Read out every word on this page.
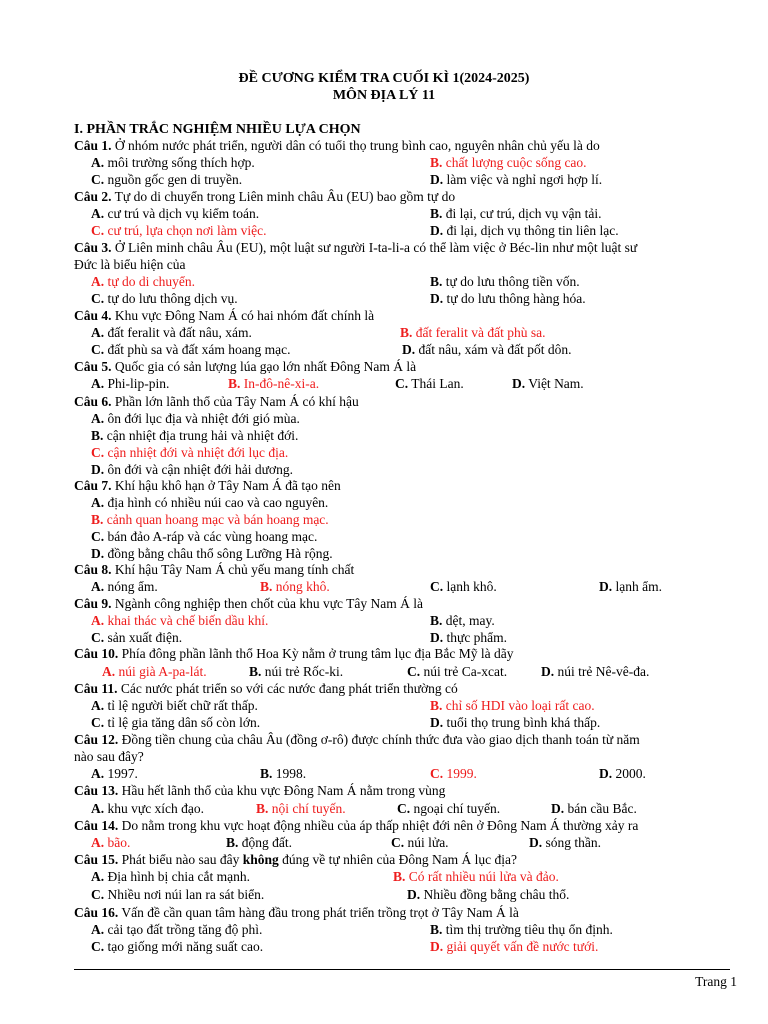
ĐỀ CƯƠNG KIỂM TRA CUỐI KÌ 1(2024-2025)
MÔN ĐỊA LÝ 11
I. PHẦN TRẮC NGHIỆM NHIỀU LỰA CHỌN
Câu 1. Ở nhóm nước phát triển, người dân có tuổi thọ trung bình cao, nguyên nhân chủ yếu là do
A. môi trường sống thích hợp.	B. chất lượng cuộc sống cao.
C. nguồn gốc gen di truyền.	D. làm việc và nghỉ ngơi hợp lí.
Câu 2. Tự do di chuyển trong Liên minh châu Âu (EU) bao gồm tự do
A. cư trú và dịch vụ kiểm toán.	B. đi lại, cư trú, dịch vụ vận tải.
C. cư trú, lựa chọn nơi làm việc.	D. đi lại, dịch vụ thông tin liên lạc.
Câu 3. Ở Liên minh châu Âu (EU), một luật sư người I-ta-li-a có thể làm việc ở Béc-lin như một luật sư
Đức là biểu hiện của
A. tự do di chuyển.	B. tự do lưu thông tiền vốn.
C. tự do lưu thông dịch vụ.	D. tự do lưu thông hàng hóa.
Câu 4. Khu vực Đông Nam Á có hai nhóm đất chính là
A. đất feralit và đất nâu, xám.	B. đất feralit và đất phù sa.
C. đất phù sa và đất xám hoang mạc.	D. đất nâu, xám và đất pốt dôn.
Câu 5. Quốc gia có sản lượng lúa gạo lớn nhất Đông Nam Á là
A. Phi-lip-pin.	B. In-đô-nê-xi-a.	C. Thái Lan.	D. Việt Nam.
Câu 6. Phần lớn lãnh thổ của Tây Nam Á có khí hậu
A. ôn đới lục địa và nhiệt đới gió mùa.
B. cận nhiệt địa trung hải và nhiệt đới.
C. cận nhiệt đới và nhiệt đới lục địa.
D. ôn đới và cận nhiệt đới hải dương.
Câu 7. Khí hậu khô hạn ở Tây Nam Á đã tạo nên
A. địa hình có nhiều núi cao và cao nguyên.
B. cảnh quan hoang mạc và bán hoang mạc.
C. bán đảo A-ráp và các vùng hoang mạc.
D. đồng bằng châu thổ sông Lưỡng Hà rộng.
Câu 8. Khí hậu Tây Nam Á chủ yếu mang tính chất
A. nóng ẩm.	B. nóng khô.	C. lạnh khô.	D. lạnh ẩm.
Câu 9. Ngành công nghiệp then chốt của khu vực Tây Nam Á là
A. khai thác và chế biến dầu khí.	B. dệt, may.
C. sản xuất điện.	D. thực phẩm.
Câu 10. Phía đông phần lãnh thổ Hoa Kỳ nằm ở trung tâm lục địa Bắc Mỹ là dãy
A. núi già A-pa-lát.	B. núi trẻ Rốc-ki.	C. núi trẻ Ca-xcat.	D. núi trẻ Nê-vê-đa.
Câu 11. Các nước phát triển so với các nước đang phát triển thường có
A. tỉ lệ người biết chữ rất thấp.	B. chỉ số HDI vào loại rất cao.
C. tỉ lệ gia tăng dân số còn lớn.	D. tuổi thọ trung bình khá thấp.
Câu 12. Đồng tiền chung của châu Âu (đồng ơ-rô) được chính thức đưa vào giao dịch thanh toán từ năm
nào sau đây?
A. 1997.	B. 1998.	C. 1999.	D. 2000.
Câu 13. Hầu hết lãnh thổ của khu vực Đông Nam Á nằm trong vùng
A. khu vực xích đạo.	B. nội chí tuyến.	C. ngoại chí tuyến.	D. bán cầu Bắc.
Câu 14. Do nằm trong khu vực hoạt động nhiều của áp thấp nhiệt đới nên ở Đông Nam Á thường xảy ra
A. bão.	B. động đất.	C. núi lửa.	D. sóng thần.
Câu 15. Phát biểu nào sau đây không đúng về tự nhiên của Đông Nam Á lục địa?
A. Địa hình bị chia cắt mạnh.	B. Có rất nhiều núi lửa và đảo.
C. Nhiều nơi núi lan ra sát biển.	D. Nhiều đồng bằng châu thổ.
Câu 16. Vấn đề cần quan tâm hàng đầu trong phát triển trồng trọt ở Tây Nam Á là
A. cải tạo đất trồng tăng độ phì.	B. tìm thị trường tiêu thụ ổn định.
C. tạo giống mới năng suất cao.	D. giải quyết vấn đề nước tưới.
Trang 1
